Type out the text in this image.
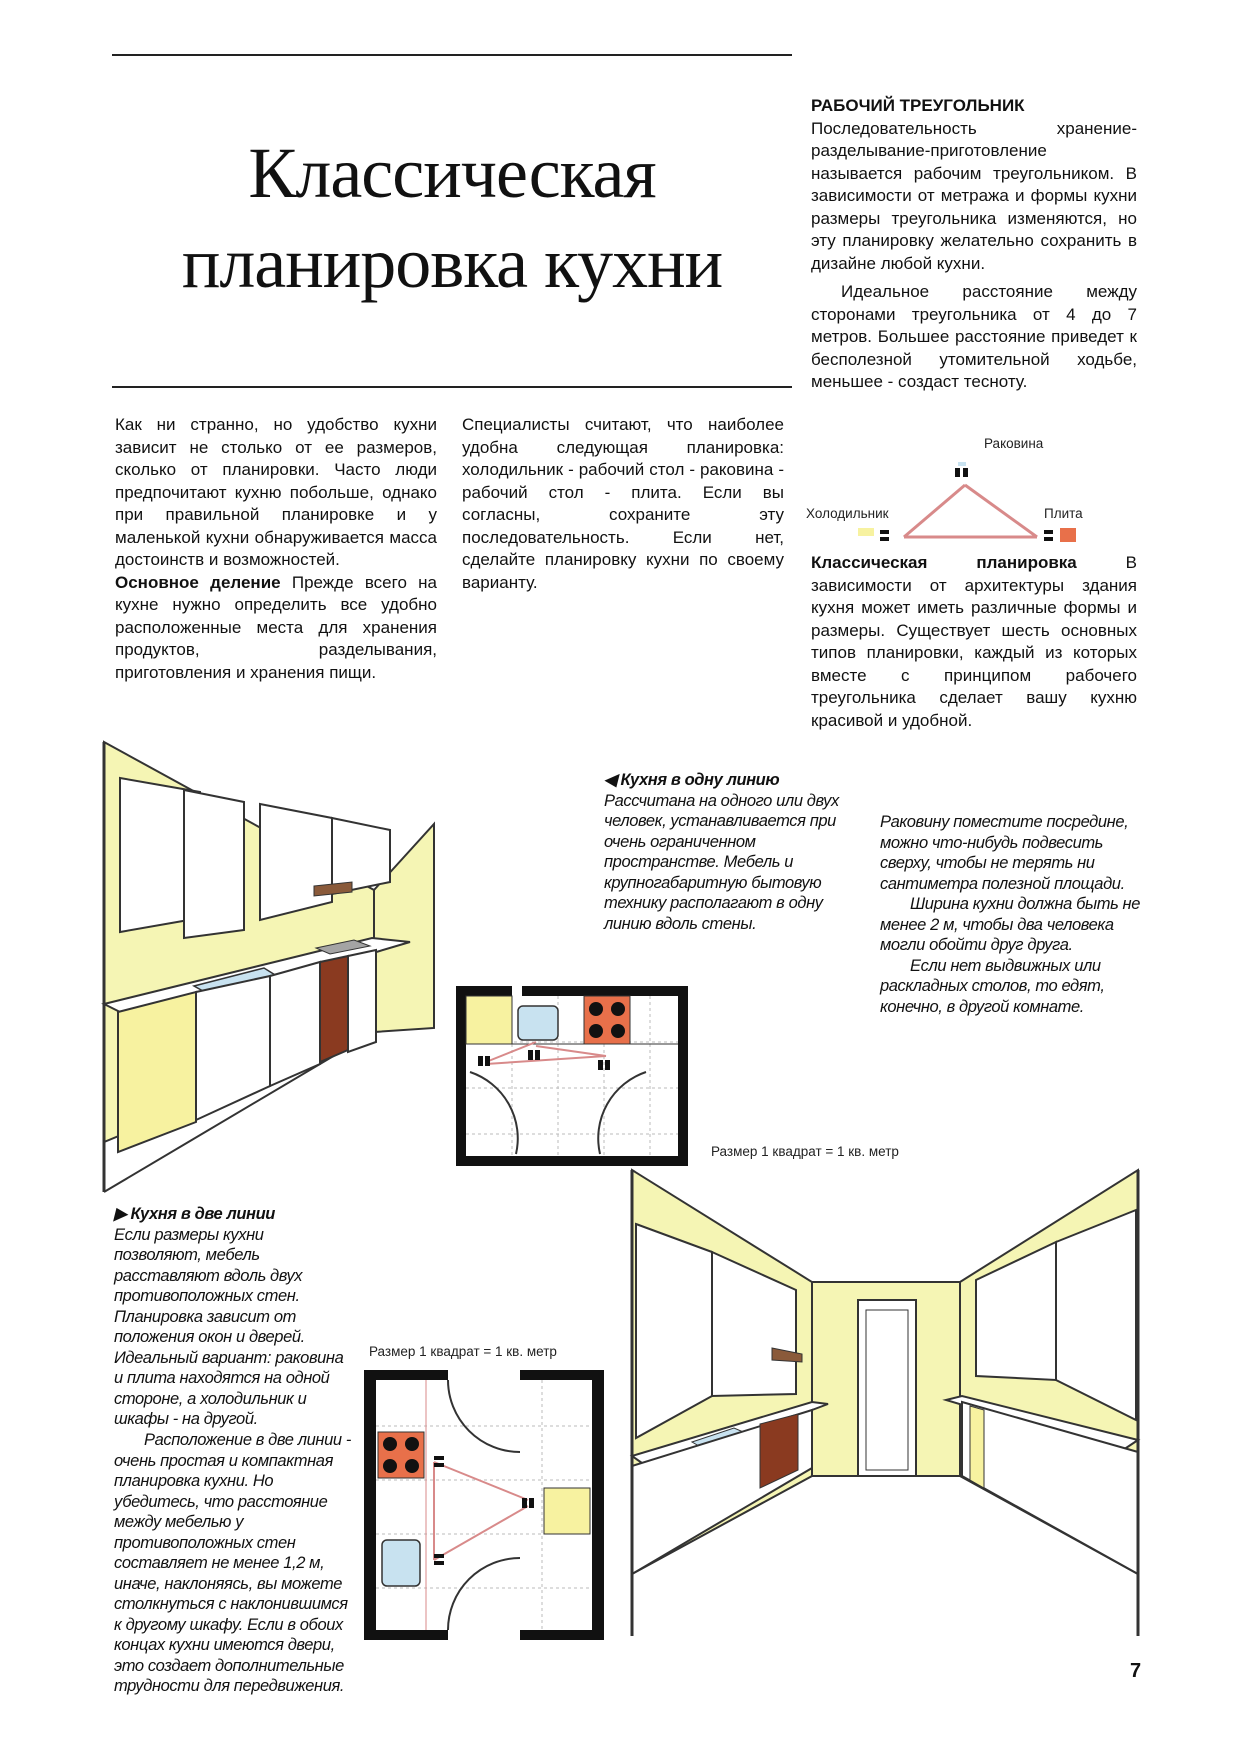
Классическая
планировка кухни

Как ни странно, но удобство кухни зависит не столько от ее размеров, сколько от планировки. Часто люди предпочитают кухню побольше, однако при правильной планировке и у маленькой кухни обнаруживается масса достоинств и возможностей.

Основное деление Прежде всего на кухне нужно определить все удобно расположенные места для хранения продуктов, разделывания, приготовления и хранения пищи.

Специалисты считают, что наиболее удобна следующая планировка: холодильник - рабочий стол - раковина - рабочий стол - плита. Если вы согласны, сохраните эту последовательность. Если нет, сделайте планировку кухни по своему варианту.

РАБОЧИЙ ТРЕУГОЛЬНИК

Последовательность хранение-разделывание-приготовление называется рабочим треугольником. В зависимости от метража и формы кухни размеры треугольника изменяются, но эту планировку желательно сохранить в дизайне любой кухни.

Идеальное расстояние между сторонами треугольника от 4 до 7 метров. Большее расстояние приведет к бесполезной утомительной ходьбе, меньшее - создаст тесноту.

Раковина
Холодильник	Плита

Классическая планировка В зависимости от архитектуры здания кухня может иметь различные формы и размеры. Существует шесть основных типов планировки, каждый из которых вместе с принципом рабочего треугольника сделает вашу кухню красивой и удобной.

Размер 1 квадрат = 1 кв. метр

◀ Кухня в одну линию

Рассчитана на одного или двух человек, устанавливается при очень ограниченном пространстве. Мебель и крупногабаритную бытовую технику располагают в одну линию вдоль стены.

Раковину поместите посредине, можно что-нибудь подвесить сверху, чтобы не терять ни сантиметра полезной площади.

Ширина кухни должна быть не менее 2 м, чтобы два человека могли обойти друг друга.

Если нет выдвижных или раскладных столов, то едят, конечно, в другой комнате.

▶ Кухня в две линии

Если размеры кухни позволяют, мебель расставляют вдоль двух противоположных стен. Планировка зависит от положения окон и дверей. Идеальный вариант: раковина и плита находятся на одной стороне, а холодильник и шкафы - на другой.

Расположение в две линии - очень простая и компактная планировка кухни. Но убедитесь, что расстояние между мебелью у противоположных стен составляет не менее 1,2 м, иначе, наклоняясь, вы можете столкнуться с наклонившимся к другому шкафу. Если в обоих концах кухни имеются двери, это создает дополнительные трудности для передвижения.

Размер 1 квадрат = 1 кв. метр
7
